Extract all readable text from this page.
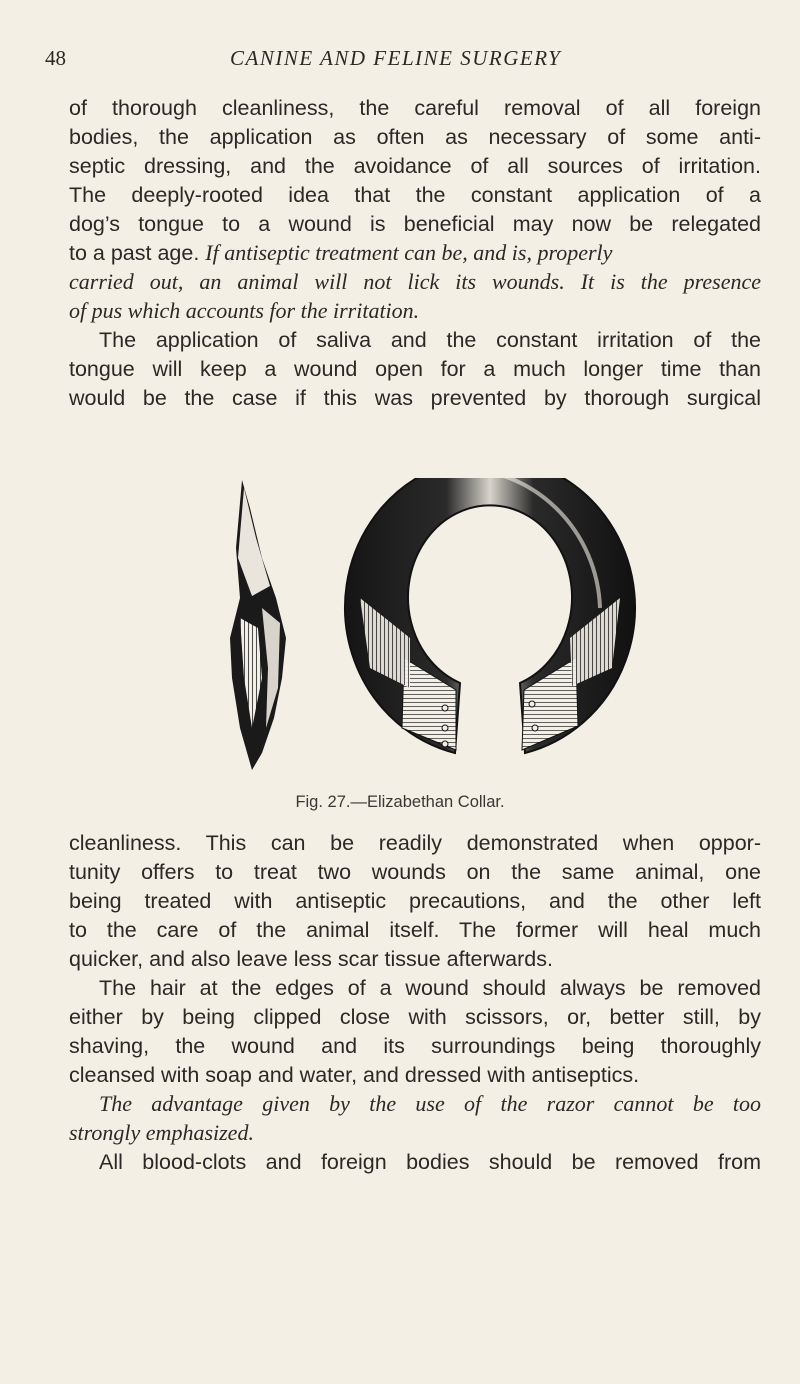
48	CANINE AND FELINE SURGERY
of thorough cleanliness, the careful removal of all foreign
bodies, the application as often as necessary of some anti-
septic dressing, and the avoidance of all sources of irritation.
The deeply-rooted idea that the constant application of a
dog’s tongue to a wound is beneficial may now be relegated
to a past age. If antiseptic treatment can be, and is, properly
carried out, an animal will not lick its wounds. It is the presence
of pus which accounts for the irritation.
The application of saliva and the constant irritation of the
tongue will keep a wound open for a much longer time than
would be the case if this was prevented by thorough surgical
Fig. 27.—Elizabethan Collar.
cleanliness. This can be readily demonstrated when oppor-
tunity offers to treat two wounds on the same animal, one
being treated with antiseptic precautions, and the other left
to the care of the animal itself. The former will heal much
quicker, and also leave less scar tissue afterwards.
The hair at the edges of a wound should always be removed
either by being clipped close with scissors, or, better still, by
shaving, the wound and its surroundings being thoroughly
cleansed with soap and water, and dressed with antiseptics.
The advantage given by the use of the razor cannot be too
strongly emphasized.
All blood-clots and foreign bodies should be removed from
